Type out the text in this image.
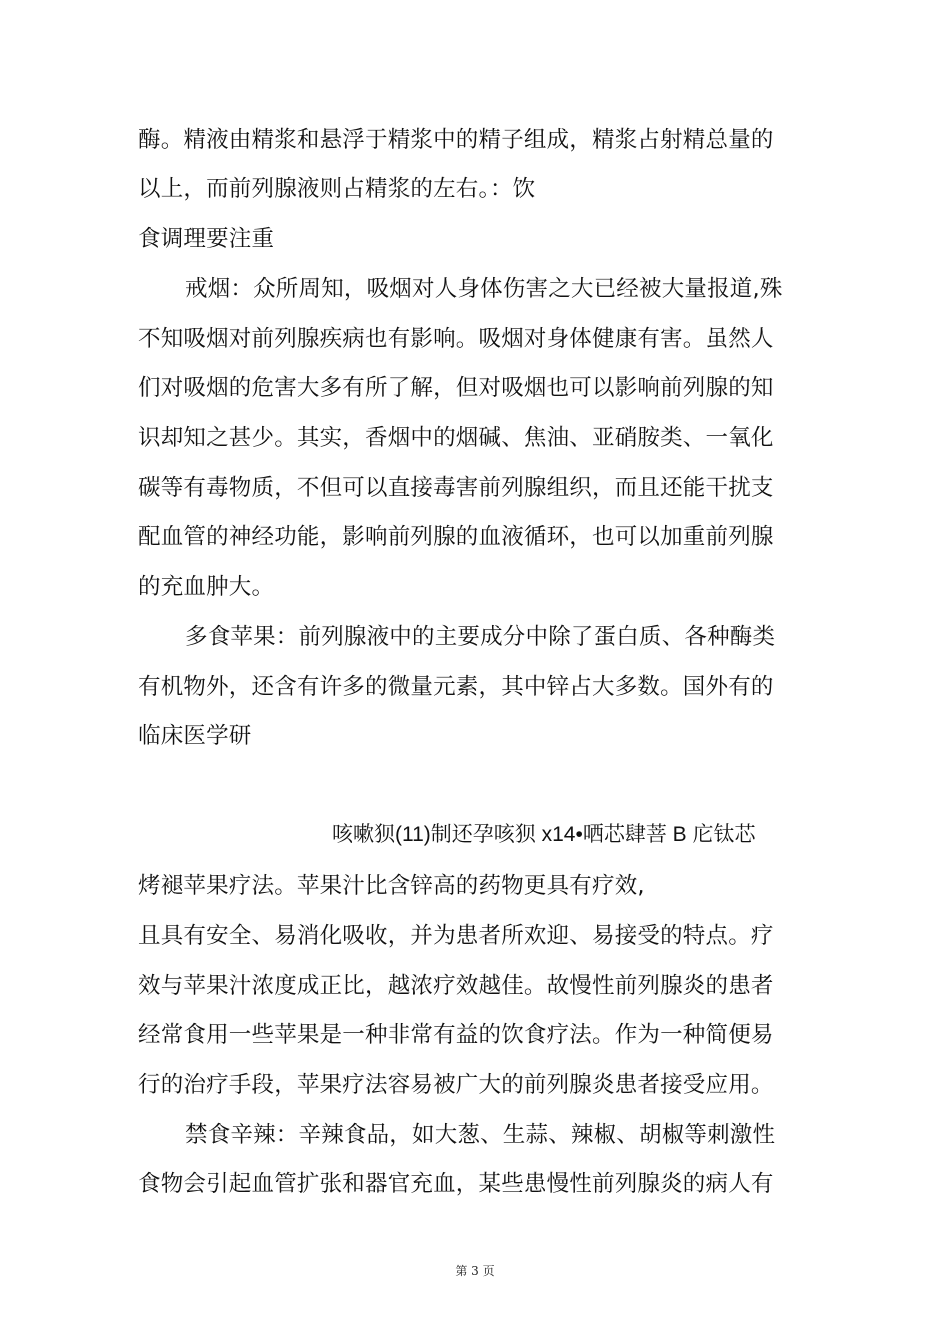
酶。精液由精浆和悬浮于精浆中的精子组成，精浆占射精总量的
以上，而前列腺液则占精浆的左右。：饮
食调理要注重
戒烟：众所周知，吸烟对人身体伤害之大已经被大量报道,殊
不知吸烟对前列腺疾病也有影响。吸烟对身体健康有害。虽然人
们对吸烟的危害大多有所了解，但对吸烟也可以影响前列腺的知
识却知之甚少。其实，香烟中的烟碱、焦油、亚硝胺类、一氧化
碳等有毒物质，不但可以直接毒害前列腺组织，而且还能干扰支
配血管的神经功能，影响前列腺的血液循环，也可以加重前列腺
的充血肿大。
多食苹果：前列腺液中的主要成分中除了蛋白质、各种酶类
有机物外，还含有许多的微量元素，其中锌占大多数。国外有的
临床医学研
咳嗽狈(11)制还孕咳狈 x14•哂芯肆菩 B 庀钛芯
烤褪苹果疗法。苹果汁比含锌高的药物更具有疗效,
且具有安全、易消化吸收，并为患者所欢迎、易接受的特点。疗
效与苹果汁浓度成正比，越浓疗效越佳。故慢性前列腺炎的患者
经常食用一些苹果是一种非常有益的饮食疗法。作为一种简便易
行的治疗手段，苹果疗法容易被广大的前列腺炎患者接受应用。
禁食辛辣：辛辣食品，如大葱、生蒜、辣椒、胡椒等刺激性
食物会引起血管扩张和器官充血，某些患慢性前列腺炎的病人有
第 3 页
